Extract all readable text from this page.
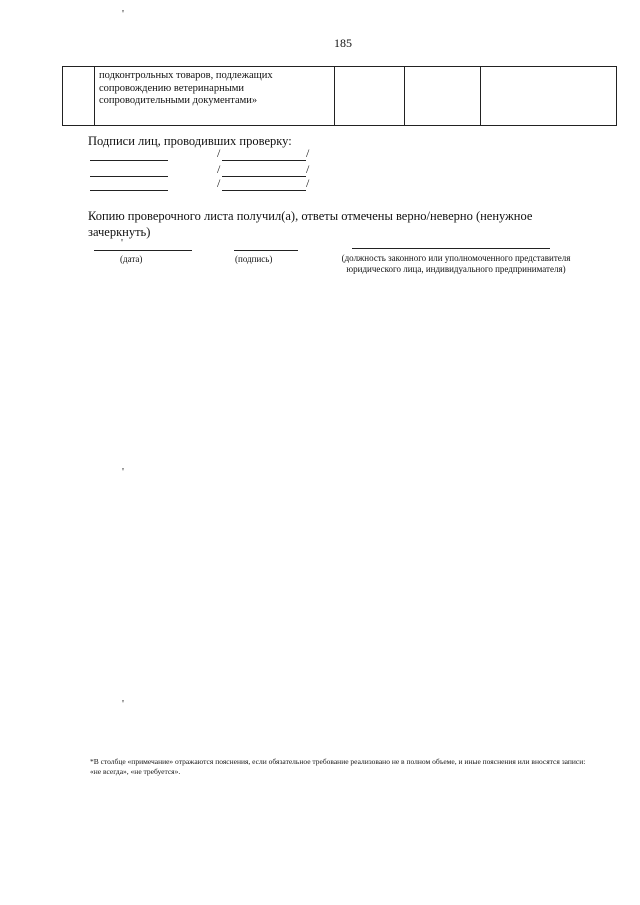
'
185
	подконтрольных товаров, подлежащих сопровождению ветеринарными сопроводительными документами»			
Подписи лиц, проводивших проверку:
/	/
/	/
/	/
Копию проверочного листа получил(а), ответы отмечены верно/неверно (ненужное зачеркнуть)
'
(дата)	(подпись)	(должность законного или уполномоченного представителя юридического лица, индивидуального предпринимателя)
'
'
*В столбце «примечание» отражаются пояснения, если обязательное требование реализовано не в полном объеме, и иные пояснения или вносятся записи: «не всегда», «не требуется».
